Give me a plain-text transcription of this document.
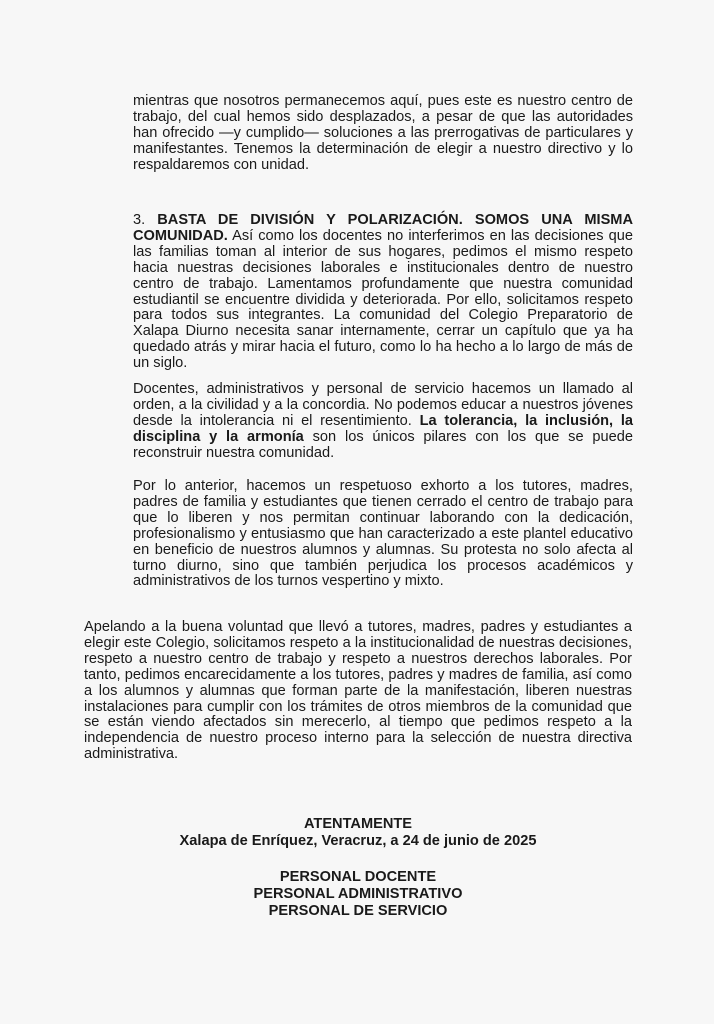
mientras que nosotros permanecemos aquí, pues este es nuestro centro de trabajo, del cual hemos sido desplazados, a pesar de que las autoridades han ofrecido —y cumplido— soluciones a las prerrogativas de particulares y manifestantes. Tenemos la determinación de elegir a nuestro directivo y lo respaldaremos con unidad.

3. BASTA DE DIVISIÓN Y POLARIZACIÓN. SOMOS UNA MISMA COMUNIDAD. Así como los docentes no interferimos en las decisiones que las familias toman al interior de sus hogares, pedimos el mismo respeto hacia nuestras decisiones laborales e institucionales dentro de nuestro centro de trabajo. Lamentamos profundamente que nuestra comunidad estudiantil se encuentre dividida y deteriorada. Por ello, solicitamos respeto para todos sus integrantes. La comunidad del Colegio Preparatorio de Xalapa Diurno necesita sanar internamente, cerrar un capítulo que ya ha quedado atrás y mirar hacia el futuro, como lo ha hecho a lo largo de más de un siglo.

Docentes, administrativos y personal de servicio hacemos un llamado al orden, a la civilidad y a la concordia. No podemos educar a nuestros jóvenes desde la intolerancia ni el resentimiento. La tolerancia, la inclusión, la disciplina y la armonía son los únicos pilares con los que se puede reconstruir nuestra comunidad.

Por lo anterior, hacemos un respetuoso exhorto a los tutores, madres, padres de familia y estudiantes que tienen cerrado el centro de trabajo para que lo liberen y nos permitan continuar laborando con la dedicación, profesionalismo y entusiasmo que han caracterizado a este plantel educativo en beneficio de nuestros alumnos y alumnas. Su protesta no solo afecta al turno diurno, sino que también perjudica los procesos académicos y administrativos de los turnos vespertino y mixto.

Apelando a la buena voluntad que llevó a tutores, madres, padres y estudiantes a elegir este Colegio, solicitamos respeto a la institucionalidad de nuestras decisiones, respeto a nuestro centro de trabajo y respeto a nuestros derechos laborales. Por tanto, pedimos encarecidamente a los tutores, padres y madres de familia, así como a los alumnos y alumnas que forman parte de la manifestación, liberen nuestras instalaciones para cumplir con los trámites de otros miembros de la comunidad que se están viendo afectados sin merecerlo, al tiempo que pedimos respeto a la independencia de nuestro proceso interno para la selección de nuestra directiva administrativa.

ATENTAMENTE
Xalapa de Enríquez, Veracruz, a 24 de junio de 2025
PERSONAL DOCENTE
PERSONAL ADMINISTRATIVO
PERSONAL DE SERVICIO
